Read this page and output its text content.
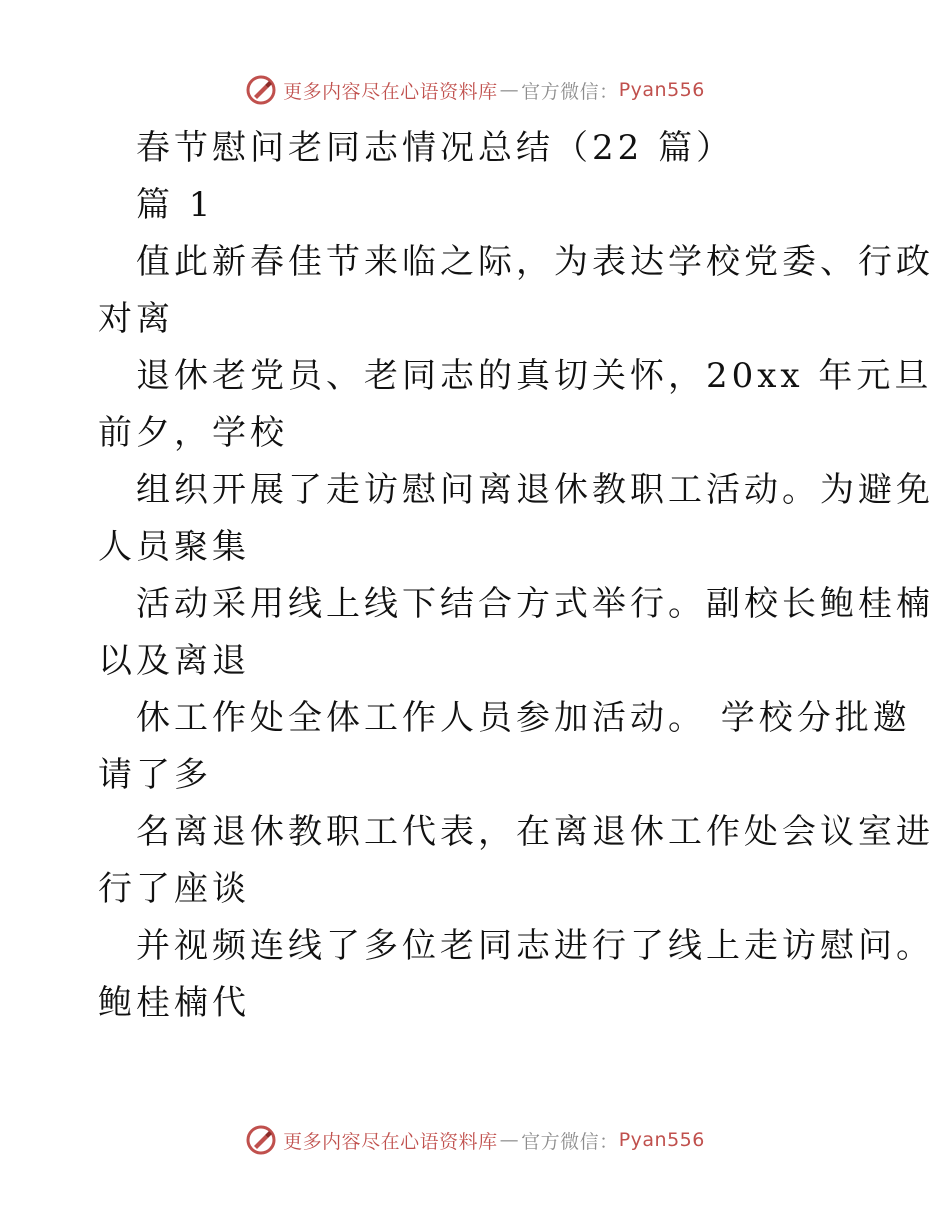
更多内容尽在心语资料库 — 官方微信： Pyan556
春节慰问老同志情况总结（22 篇）
篇 1
值此新春佳节来临之际，为表达学校党委、行政
对离
退休老党员、老同志的真切关怀，20xx 年元旦
前夕，学校
组织开展了走访慰问离退休教职工活动。为避免
人员聚集
活动采用线上线下结合方式举行。副校长鲍桂楠
以及离退
休工作处全体工作人员参加活动。 学校分批邀
请了多
名离退休教职工代表，在离退休工作处会议室进
行了座谈
并视频连线了多位老同志进行了线上走访慰问。
鲍桂楠代
更多内容尽在心语资料库 — 官方微信： Pyan556
